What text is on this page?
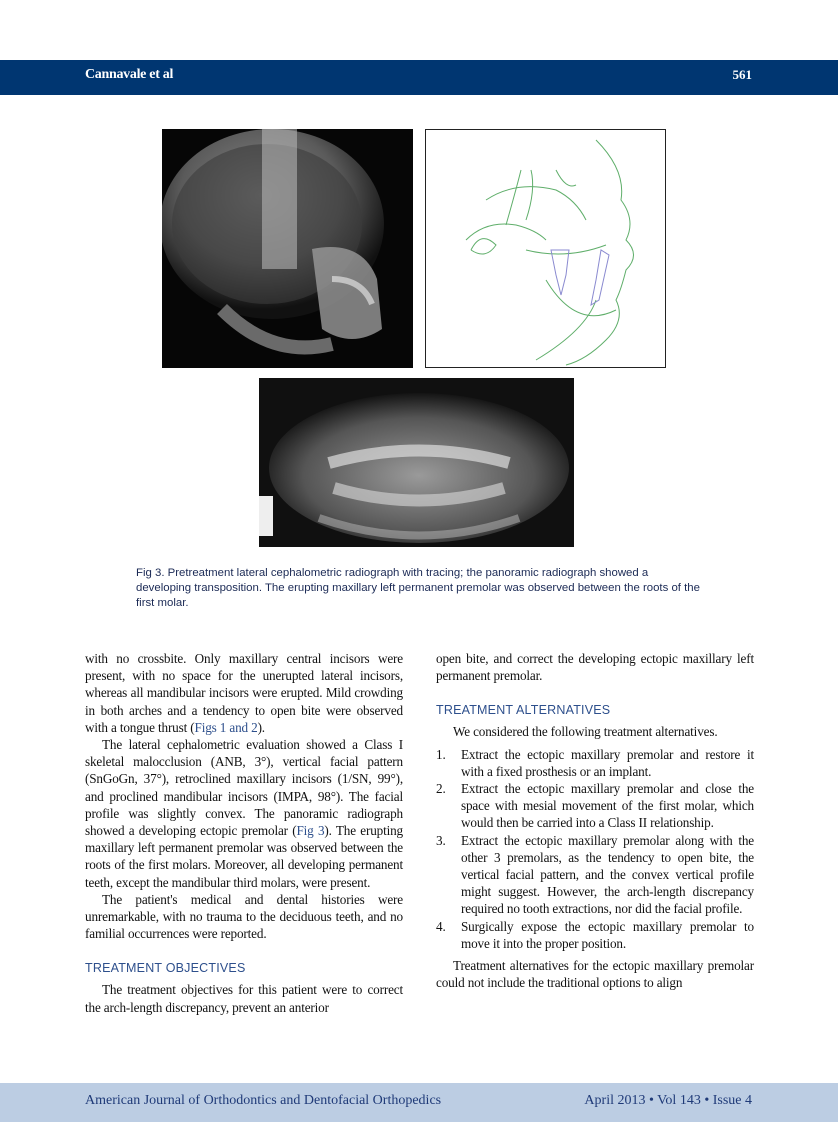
Cannavale et al	561
Fig 3. Pretreatment lateral cephalometric radiograph with tracing; the panoramic radiograph showed a developing transposition. The erupting maxillary left permanent premolar was observed between the roots of the first molar.

with no crossbite. Only maxillary central incisors were present, with no space for the unerupted lateral incisors, whereas all mandibular incisors were erupted. Mild crowding in both arches and a tendency to open bite were observed with a tongue thrust (Figs 1 and 2).

The lateral cephalometric evaluation showed a Class I skeletal malocclusion (ANB, 3°), vertical facial pattern (SnGoGn, 37°), retroclined maxillary incisors (1/SN, 99°), and proclined mandibular incisors (IMPA, 98°). The facial profile was slightly convex. The panoramic radiograph showed a developing ectopic premolar (Fig 3). The erupting maxillary left permanent premolar was observed between the roots of the first molars. Moreover, all developing permanent teeth, except the mandibular third molars, were present.

The patient's medical and dental histories were unremarkable, with no trauma to the deciduous teeth, and no familial occurrences were reported.

TREATMENT OBJECTIVES

The treatment objectives for this patient were to correct the arch-length discrepancy, prevent an anterior

open bite, and correct the developing ectopic maxillary left permanent premolar.

TREATMENT ALTERNATIVES

We considered the following treatment alternatives.

1. Extract the ectopic maxillary premolar and restore it with a fixed prosthesis or an implant.
2. Extract the ectopic maxillary premolar and close the space with mesial movement of the first molar, which would then be carried into a Class II relationship.
3. Extract the ectopic maxillary premolar along with the other 3 premolars, as the tendency to open bite, the vertical facial pattern, and the convex vertical profile might suggest. However, the arch-length discrepancy required no tooth extractions, nor did the facial profile.
4. Surgically expose the ectopic maxillary premolar to move it into the proper position.

Treatment alternatives for the ectopic maxillary premolar could not include the traditional options to align

American Journal of Orthodontics and Dentofacial Orthopedics	April 2013 • Vol 143 • Issue 4
